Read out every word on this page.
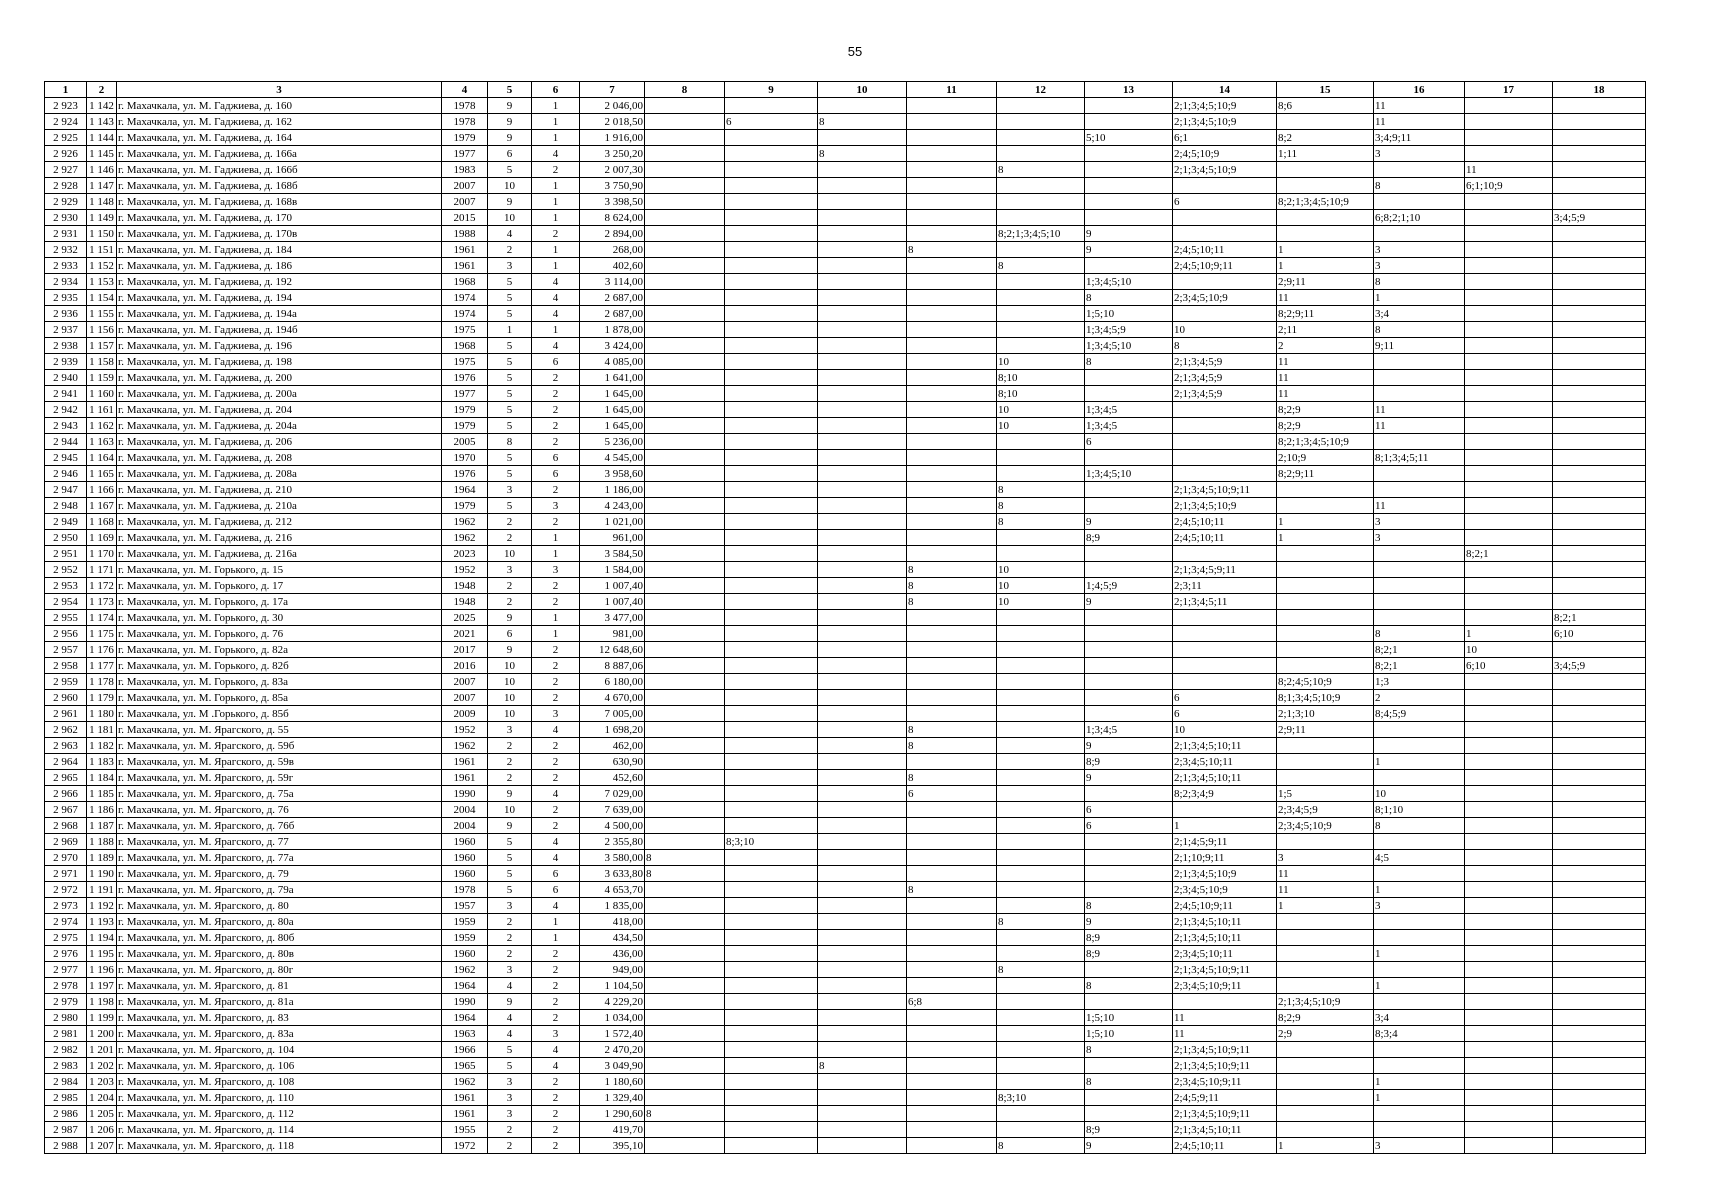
55
1	2	3	4	5	6	7	8	9	10	11	12	13	14	15	16	17	18
2 923	1 142	г. Махачкала, ул. М. Гаджиева, д. 160	1978	9	1	2 046,00							2;1;3;4;5;10;9	8;6	11		
2 924	1 143	г. Махачкала, ул. М. Гаджиева, д. 162	1978	9	1	2 018,50		6	8				2;1;3;4;5;10;9		11		
2 925	1 144	г. Махачкала, ул. М. Гаджиева, д. 164	1979	9	1	1 916,00						5;10	6;1	8;2	3;4;9;11		
2 926	1 145	г. Махачкала, ул. М. Гаджиева, д. 166а	1977	6	4	3 250,20			8				2;4;5;10;9	1;11	3		
2 927	1 146	г. Махачкала, ул. М. Гаджиева, д. 166б	1983	5	2	2 007,30					8		2;1;3;4;5;10;9			11	
2 928	1 147	г. Махачкала, ул. М. Гаджиева, д. 168б	2007	10	1	3 750,90									8	6;1;10;9	
2 929	1 148	г. Махачкала, ул. М. Гаджиева, д. 168в	2007	9	1	3 398,50							6	8;2;1;3;4;5;10;9			
2 930	1 149	г. Махачкала, ул. М. Гаджиева, д. 170	2015	10	1	8 624,00									6;8;2;1;10		3;4;5;9
2 931	1 150	г. Махачкала, ул. М. Гаджиева, д. 170в	1988	4	2	2 894,00					8;2;1;3;4;5;10	9					
2 932	1 151	г. Махачкала, ул. М. Гаджиева, д. 184	1961	2	1	268,00				8		9	2;4;5;10;11	1	3		
2 933	1 152	г. Махачкала, ул. М. Гаджиева, д. 186	1961	3	1	402,60					8		2;4;5;10;9;11	1	3		
2 934	1 153	г. Махачкала, ул. М. Гаджиева, д. 192	1968	5	4	3 114,00						1;3;4;5;10		2;9;11	8		
2 935	1 154	г. Махачкала, ул. М. Гаджиева, д. 194	1974	5	4	2 687,00						8	2;3;4;5;10;9	11	1		
2 936	1 155	г. Махачкала, ул. М. Гаджиева, д. 194а	1974	5	4	2 687,00						1;5;10		8;2;9;11	3;4		
2 937	1 156	г. Махачкала, ул. М. Гаджиева, д. 194б	1975	1	1	1 878,00						1;3;4;5;9	10	2;11	8		
2 938	1 157	г. Махачкала, ул. М. Гаджиева, д. 196	1968	5	4	3 424,00						1;3;4;5;10	8	2	9;11		
2 939	1 158	г. Махачкала, ул. М. Гаджиева, д. 198	1975	5	6	4 085,00					10	8	2;1;3;4;5;9	11			
2 940	1 159	г. Махачкала, ул. М. Гаджиева, д. 200	1976	5	2	1 641,00					8;10		2;1;3;4;5;9	11			
2 941	1 160	г. Махачкала, ул. М. Гаджиева, д. 200а	1977	5	2	1 645,00					8;10		2;1;3;4;5;9	11			
2 942	1 161	г. Махачкала, ул. М. Гаджиева, д. 204	1979	5	2	1 645,00					10	1;3;4;5		8;2;9	11		
2 943	1 162	г. Махачкала, ул. М. Гаджиева, д. 204а	1979	5	2	1 645,00					10	1;3;4;5		8;2;9	11		
2 944	1 163	г. Махачкала, ул. М. Гаджиева, д. 206	2005	8	2	5 236,00						6		8;2;1;3;4;5;10;9			
2 945	1 164	г. Махачкала, ул. М. Гаджиева, д. 208	1970	5	6	4 545,00								2;10;9	8;1;3;4;5;11		
2 946	1 165	г. Махачкала, ул. М. Гаджиева, д. 208а	1976	5	6	3 958,60						1;3;4;5;10		8;2;9;11			
2 947	1 166	г. Махачкала, ул. М. Гаджиева, д. 210	1964	3	2	1 186,00					8		2;1;3;4;5;10;9;11				
2 948	1 167	г. Махачкала, ул. М. Гаджиева, д. 210а	1979	5	3	4 243,00					8		2;1;3;4;5;10;9		11		
2 949	1 168	г. Махачкала, ул. М. Гаджиева, д. 212	1962	2	2	1 021,00					8	9	2;4;5;10;11	1	3		
2 950	1 169	г. Махачкала, ул. М. Гаджиева, д. 216	1962	2	1	961,00						8;9	2;4;5;10;11	1	3		
2 951	1 170	г. Махачкала, ул. М. Гаджиева, д. 216а	2023	10	1	3 584,50										8;2;1	
2 952	1 171	г. Махачкала, ул. М. Горького, д. 15	1952	3	3	1 584,00				8	10		2;1;3;4;5;9;11				
2 953	1 172	г. Махачкала, ул. М. Горького, д. 17	1948	2	2	1 007,40				8	10	1;4;5;9	2;3;11				
2 954	1 173	г. Махачкала, ул. М. Горького, д. 17а	1948	2	2	1 007,40				8	10	9	2;1;3;4;5;11				
2 955	1 174	г. Махачкала, ул. М. Горького, д. 30	2025	9	1	3 477,00											8;2;1
2 956	1 175	г. Махачкала, ул. М. Горького, д. 76	2021	6	1	981,00									8	1	6;10
2 957	1 176	г. Махачкала, ул. М. Горького, д. 82а	2017	9	2	12 648,60									8;2;1	10	
2 958	1 177	г. Махачкала, ул. М. Горького, д. 82б	2016	10	2	8 887,06									8;2;1	6;10	3;4;5;9
2 959	1 178	г. Махачкала, ул. М. Горького, д. 83а	2007	10	2	6 180,00								8;2;4;5;10;9	1;3		
2 960	1 179	г. Махачкала, ул. М. Горького, д. 85а	2007	10	2	4 670,00							6	8;1;3;4;5;10;9	2		
2 961	1 180	г. Махачкала, ул. М .Горького, д. 85б	2009	10	3	7 005,00							6	2;1;3;10	8;4;5;9		
2 962	1 181	г. Махачкала, ул. М. Ярагского, д. 55	1952	3	4	1 698,20				8		1;3;4;5	10	2;9;11			
2 963	1 182	г. Махачкала, ул. М. Ярагского, д. 59б	1962	2	2	462,00				8		9	2;1;3;4;5;10;11				
2 964	1 183	г. Махачкала, ул. М. Ярагского, д. 59в	1961	2	2	630,90						8;9	2;3;4;5;10;11		1		
2 965	1 184	г. Махачкала, ул. М. Ярагского, д. 59г	1961	2	2	452,60				8		9	2;1;3;4;5;10;11				
2 966	1 185	г. Махачкала, ул. М. Ярагского, д. 75а	1990	9	4	7 029,00				6			8;2;3;4;9	1;5	10		
2 967	1 186	г. Махачкала, ул. М. Ярагского, д. 76	2004	10	2	7 639,00						6		2;3;4;5;9	8;1;10		
2 968	1 187	г. Махачкала, ул. М. Ярагского, д. 76б	2004	9	2	4 500,00						6	1	2;3;4;5;10;9	8		
2 969	1 188	г. Махачкала, ул. М. Ярагского, д. 77	1960	5	4	2 355,80		8;3;10					2;1;4;5;9;11				
2 970	1 189	г. Махачкала, ул. М. Ярагского, д. 77а	1960	5	4	3 580,00	8						2;1;10;9;11	3	4;5		
2 971	1 190	г. Махачкала, ул. М. Ярагского, д. 79	1960	5	6	3 633,80	8						2;1;3;4;5;10;9	11			
2 972	1 191	г. Махачкала, ул. М. Ярагского, д. 79а	1978	5	6	4 653,70				8			2;3;4;5;10;9	11	1		
2 973	1 192	г. Махачкала, ул. М. Ярагского, д. 80	1957	3	4	1 835,00						8	2;4;5;10;9;11	1	3		
2 974	1 193	г. Махачкала, ул. М. Ярагского, д. 80а	1959	2	1	418,00					8	9	2;1;3;4;5;10;11				
2 975	1 194	г. Махачкала, ул. М. Ярагского, д. 80б	1959	2	1	434,50						8;9	2;1;3;4;5;10;11				
2 976	1 195	г. Махачкала, ул. М. Ярагского, д. 80в	1960	2	2	436,00						8;9	2;3;4;5;10;11		1		
2 977	1 196	г. Махачкала, ул. М. Ярагского, д. 80г	1962	3	2	949,00					8		2;1;3;4;5;10;9;11				
2 978	1 197	г. Махачкала, ул. М. Ярагского, д. 81	1964	4	2	1 104,50						8	2;3;4;5;10;9;11		1		
2 979	1 198	г. Махачкала, ул. М. Ярагского, д. 81а	1990	9	2	4 229,20				6;8				2;1;3;4;5;10;9			
2 980	1 199	г. Махачкала, ул. М. Ярагского, д. 83	1964	4	2	1 034,00						1;5;10	11	8;2;9	3;4		
2 981	1 200	г. Махачкала, ул. М. Ярагского, д. 83а	1963	4	3	1 572,40						1;5;10	11	2;9	8;3;4		
2 982	1 201	г. Махачкала, ул. М. Ярагского, д. 104	1966	5	4	2 470,20						8	2;1;3;4;5;10;9;11				
2 983	1 202	г. Махачкала, ул. М. Ярагского, д. 106	1965	5	4	3 049,90			8				2;1;3;4;5;10;9;11				
2 984	1 203	г. Махачкала, ул. М. Ярагского, д. 108	1962	3	2	1 180,60						8	2;3;4;5;10;9;11		1		
2 985	1 204	г. Махачкала, ул. М. Ярагского, д. 110	1961	3	2	1 329,40					8;3;10		2;4;5;9;11		1		
2 986	1 205	г. Махачкала, ул. М. Ярагского, д. 112	1961	3	2	1 290,60	8						2;1;3;4;5;10;9;11				
2 987	1 206	г. Махачкала, ул. М. Ярагского, д. 114	1955	2	2	419,70						8;9	2;1;3;4;5;10;11				
2 988	1 207	г. Махачкала, ул. М. Ярагского, д. 118	1972	2	2	395,10					8	9	2;4;5;10;11	1	3		
